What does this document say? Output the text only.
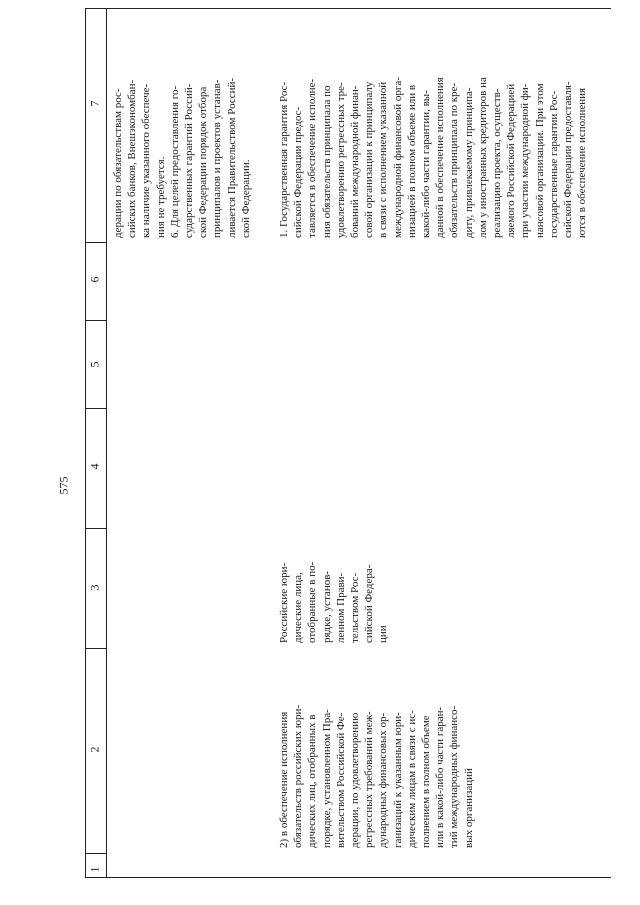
575
7
6
5
4
3
2
1
дерации по обязательствам рос- сийских банков, Внешэкономбан- ка наличие указанного обеспече- ния не требуется. 6. Для целей предоставления го- сударственных гарантий Россий- ской Федерации порядок отбора принципалов и проектов устанав- ливается Правительством Россий- ской Федерации.
2) в обеспечение исполнения обязательств российских юри- дических лиц, отобранных в порядке, установленном Пра- вительством Российской Фе- дерации, по удовлетворению регрессных требований меж- дународных финансовых ор- ганизаций к указанным юри- дическим лицам в связи с ис- полнением в полном объеме или в какой-либо части гаран- тий международных финансо- вых организаций
Российские юри- дические лица, отобранные в по- рядке, установ- ленном Прави- тельством Рос- сийской Федера- ции
1. Государственная гарантия Рос- сийской Федерации предос- тавляется в обеспечение исполне- ния обязательств принципала по удовлетворению регрессных тре- бований международной финан- совой организации к принципалу в связи с исполнением указанной международной финансовой орга- низацией в полном объеме или в какой-либо части гарантии, вы- данной в обеспечение исполнения обязательств принципала по кре- диту, привлекаемому принципа- лом у иностранных кредиторов на реализацию проекта, осуществ- ляемого Российской Федерацией при участии международной фи- нансовой организации. При этом государственные гарантии Рос- сийской Федерации предоставля- ются в обеспечение исполнения
